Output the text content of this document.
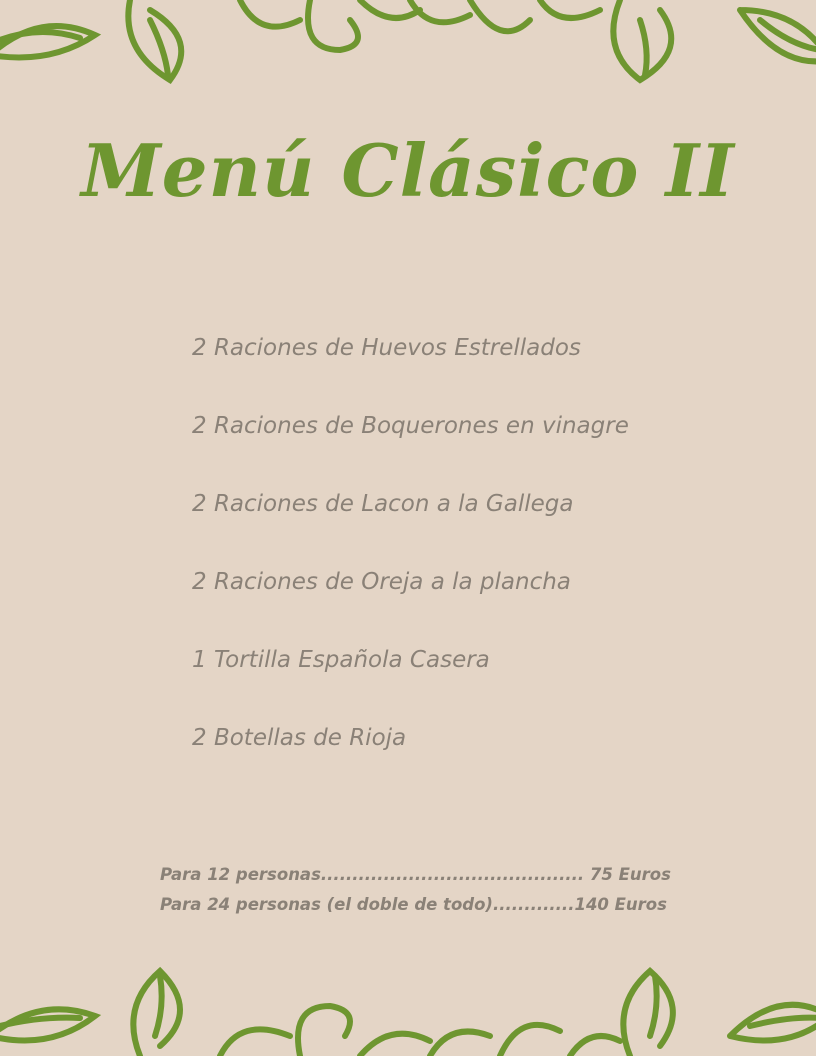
Menú Clásico II
2 Raciones de Huevos Estrellados
2 Raciones de Boquerones en vinagre
2 Raciones de Lacon a la Gallega
2 Raciones de Oreja a la plancha
1 Tortilla Española Casera
2 Botellas de Rioja
Para 12 personas.......................................... 75 Euros
Para 24 personas (el doble de todo).............140 Euros
